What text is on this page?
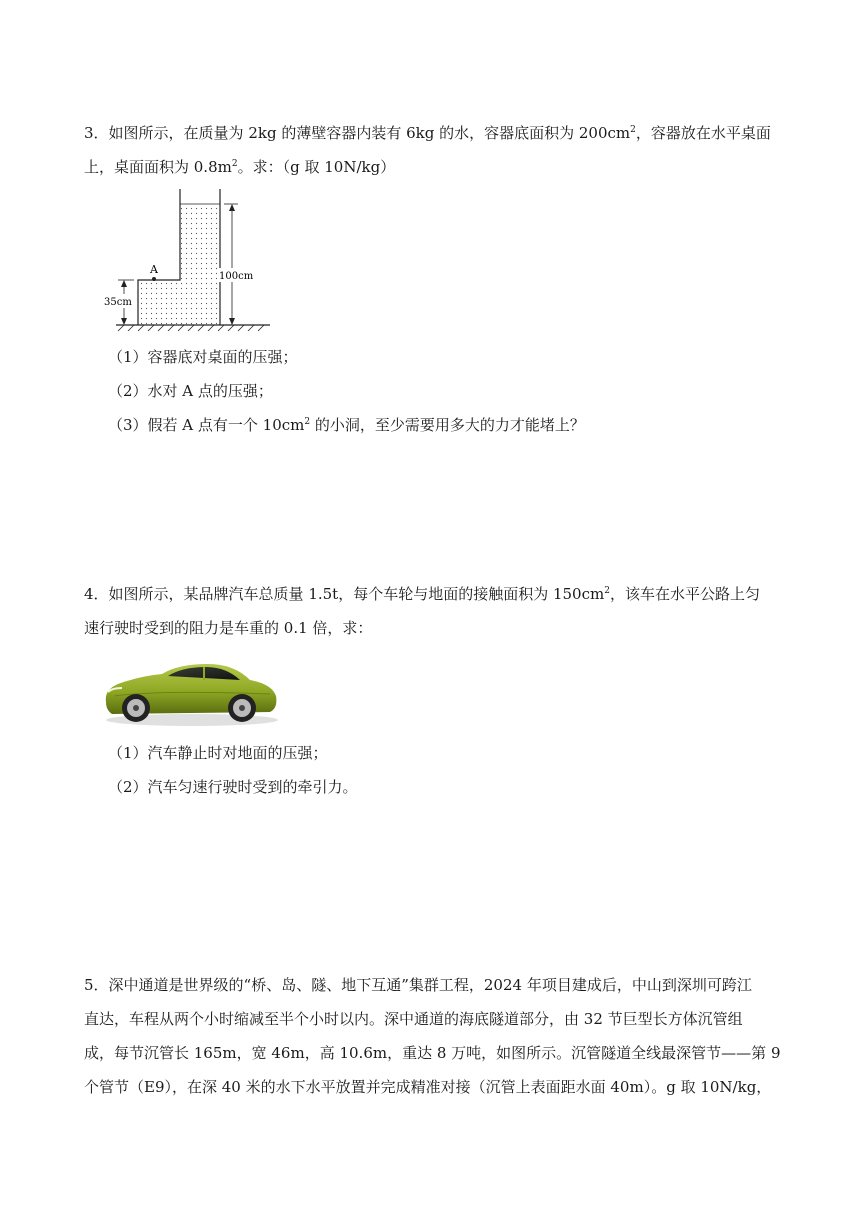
3．如图所示，在质量为 2kg 的薄壁容器内装有 6kg 的水，容器底面积为 $200cm^2$，容器放在水平桌面
上，桌面面积为 $0.8m^2$。求：（g 取 10N/kg）
A
100cm
35cm
（1）容器底对桌面的压强；
（2）水对 A 点的压强；
（3）假若 A 点有一个 $10cm^2$ 的小洞，至少需要用多大的力才能堵上？
4．如图所示，某品牌汽车总质量 1.5t，每个车轮与地面的接触面积为 $150cm^2$，该车在水平公路上匀
速行驶时受到的阻力是车重的 0.1 倍，求：
（1）汽车静止时对地面的压强；
（2）汽车匀速行驶时受到的牵引力。
5．深中通道是世界级的“桥、岛、隧、地下互通”集群工程，2024 年项目建成后，中山到深圳可跨江
直达，车程从两个小时缩减至半个小时以内。深中通道的海底隧道部分，由 32 节巨型长方体沉管组
成，每节沉管长 165m，宽 46m，高 10.6m，重达 8 万吨，如图所示。沉管隧道全线最深管节——第 9
个管节（E9），在深 40 米的水下水平放置并完成精准对接（沉管上表面距水面 40m）。g 取 10N/kg，
